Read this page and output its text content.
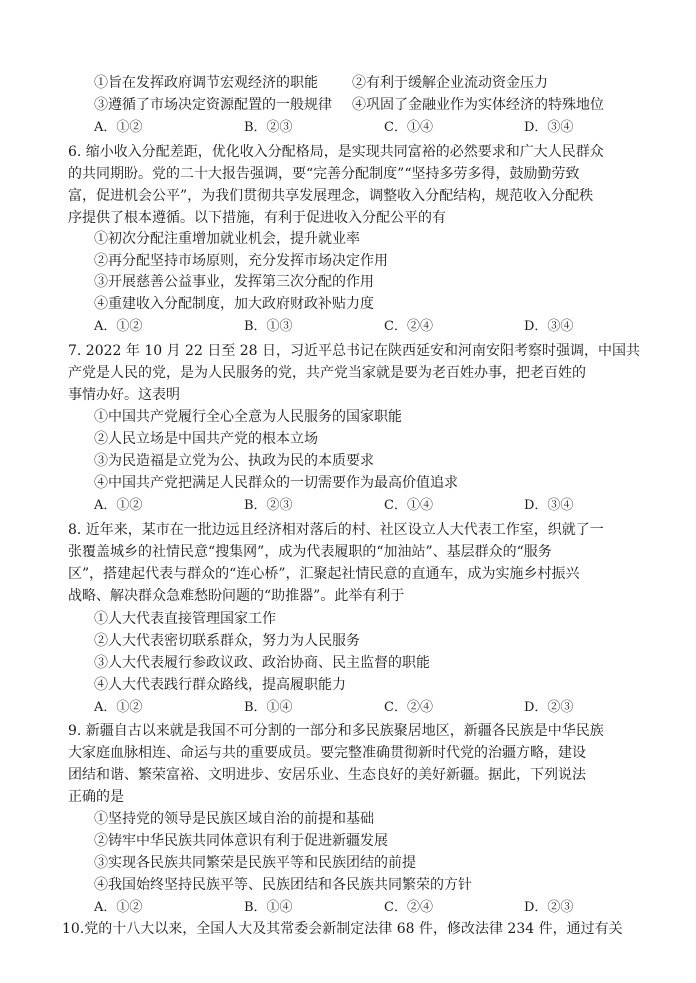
①旨在发挥政府调节宏观经济的职能 ②有利于缓解企业流动资金压力
③遵循了市场决定资源配置的一般规律 ④巩固了金融业作为实体经济的特殊地位
A．①②	B．②③	C．①④	D．③④
6. 缩小收入分配差距，优化收入分配格局，是实现共同富裕的必然要求和广大人民群众
的共同期盼。党的二十大报告强调，要“完善分配制度”“坚持多劳多得，鼓励勤劳致
富，促进机会公平”，为我们贯彻共享发展理念，调整收入分配结构，规范收入分配秩
序提供了根本遵循。以下措施，有利于促进收入分配公平的有
①初次分配注重增加就业机会，提升就业率
②再分配坚持市场原则，充分发挥市场决定作用
③开展慈善公益事业，发挥第三次分配的作用
④重建收入分配制度，加大政府财政补贴力度
A．①②	B．①③	C．②④	D．③④
7. 2022 年 10 月 22 日至 28 日，习近平总书记在陕西延安和河南安阳考察时强调，中国共
产党是人民的党，是为人民服务的党，共产党当家就是要为老百姓办事，把老百姓的
事情办好。这表明
①中国共产党履行全心全意为人民服务的国家职能
②人民立场是中国共产党的根本立场
③为民造福是立党为公、执政为民的本质要求
④中国共产党把满足人民群众的一切需要作为最高价值追求
A．①②	B．②③	C．①④	D．③④
8. 近年来，某市在一批边远且经济相对落后的村、社区设立人大代表工作室，织就了一
张覆盖城乡的社情民意“搜集网”，成为代表履职的“加油站”、基层群众的“服务
区”，搭建起代表与群众的“连心桥”，汇聚起社情民意的直通车，成为实施乡村振兴
战略、解决群众急难愁盼问题的“助推器”。此举有利于
①人大代表直接管理国家工作
②人大代表密切联系群众，努力为人民服务
③人大代表履行参政议政、政治协商、民主监督的职能
④人大代表践行群众路线，提高履职能力
A．①②	B．①④	C．②④	D．②③
9. 新疆自古以来就是我国不可分割的一部分和多民族聚居地区，新疆各民族是中华民族
大家庭血脉相连、命运与共的重要成员。要完整准确贯彻新时代党的治疆方略，建设
团结和谐、繁荣富裕、文明进步、安居乐业、生态良好的美好新疆。据此，下列说法
正确的是
①坚持党的领导是民族区域自治的前提和基础
②铸牢中华民族共同体意识有利于促进新疆发展
③实现各民族共同繁荣是民族平等和民族团结的前提
④我国始终坚持民族平等、民族团结和各民族共同繁荣的方针
A．①②	B．①④	C．②④	D．②③
10.党的十八大以来，全国人大及其常委会新制定法律 68 件，修改法律 234 件，通过有关
